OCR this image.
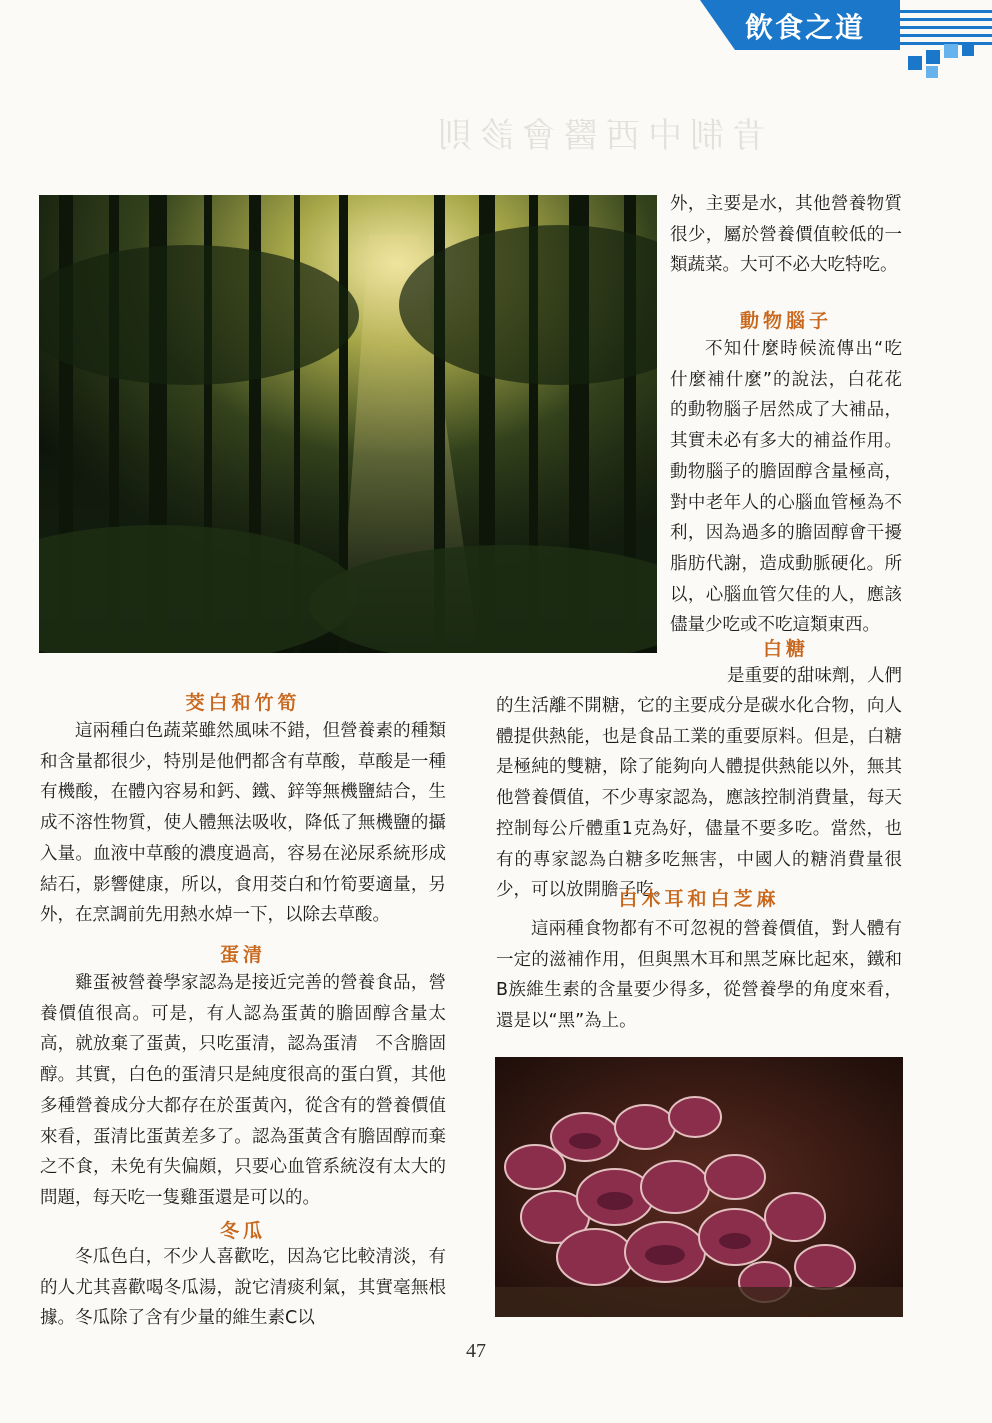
肯制中西醫會診則
飲食之道

外，主要是水，其他營養物質很少，屬於營養價值較低的一類蔬菜。大可不必大吃特吃。

動物腦子

不知什麼時候流傳出“吃什麼補什麼”的說法，白花花的動物腦子居然成了大補品，其實未必有多大的補益作用。動物腦子的膽固醇含量極高，對中老年人的心腦血管極為不利，因為過多的膽固醇會干擾脂肪代謝，造成動脈硬化。所以，心腦血管欠佳的人，應該儘量少吃或不吃這類東西。

白糖

是重要的甜味劑，人們

的生活離不開糖，它的主要成分是碳水化合物，向人體提供熱能，也是食品工業的重要原料。但是，白糖是極純的雙糖，除了能夠向人體提供熱能以外，無其他營養價值，不少專家認為，應該控制消費量，每天控制每公斤體重1克為好，儘量不要多吃。當然，也有的專家認為白糖多吃無害，中國人的糖消費量很少，可以放開膽子吃。

白木耳和白芝麻

這兩種食物都有不可忽視的營養價值，對人體有一定的滋補作用，但與黑木耳和黑芝麻比起來，鐵和B族維生素的含量要少得多，從營養學的角度來看，還是以“黑”為上。

茭白和竹筍

這兩種白色蔬菜雖然風味不錯，但營養素的種類和含量都很少，特別是他們都含有草酸，草酸是一種有機酸，在體內容易和鈣、鐵、鋅等無機鹽結合，生成不溶性物質，使人體無法吸收，降低了無機鹽的攝入量。血液中草酸的濃度過高，容易在泌尿系統形成結石，影響健康，所以，食用茭白和竹筍要適量，另外，在烹調前先用熱水焯一下，以除去草酸。

蛋清

雞蛋被營養學家認為是接近完善的營養食品，營養價值很高。可是，有人認為蛋黃的膽固醇含量太高，就放棄了蛋黃，只吃蛋清，認為蛋清　不含膽固醇。其實，白色的蛋清只是純度很高的蛋白質，其他多種營養成分大都存在於蛋黃內，從含有的營養價值來看，蛋清比蛋黃差多了。認為蛋黃含有膽固醇而棄之不食，未免有失偏頗，只要心血管系統沒有太大的問題，每天吃一隻雞蛋還是可以的。

冬瓜

冬瓜色白，不少人喜歡吃，因為它比較清淡，有的人尤其喜歡喝冬瓜湯，說它清痰利氣，其實毫無根據。冬瓜除了含有少量的維生素C以

47
